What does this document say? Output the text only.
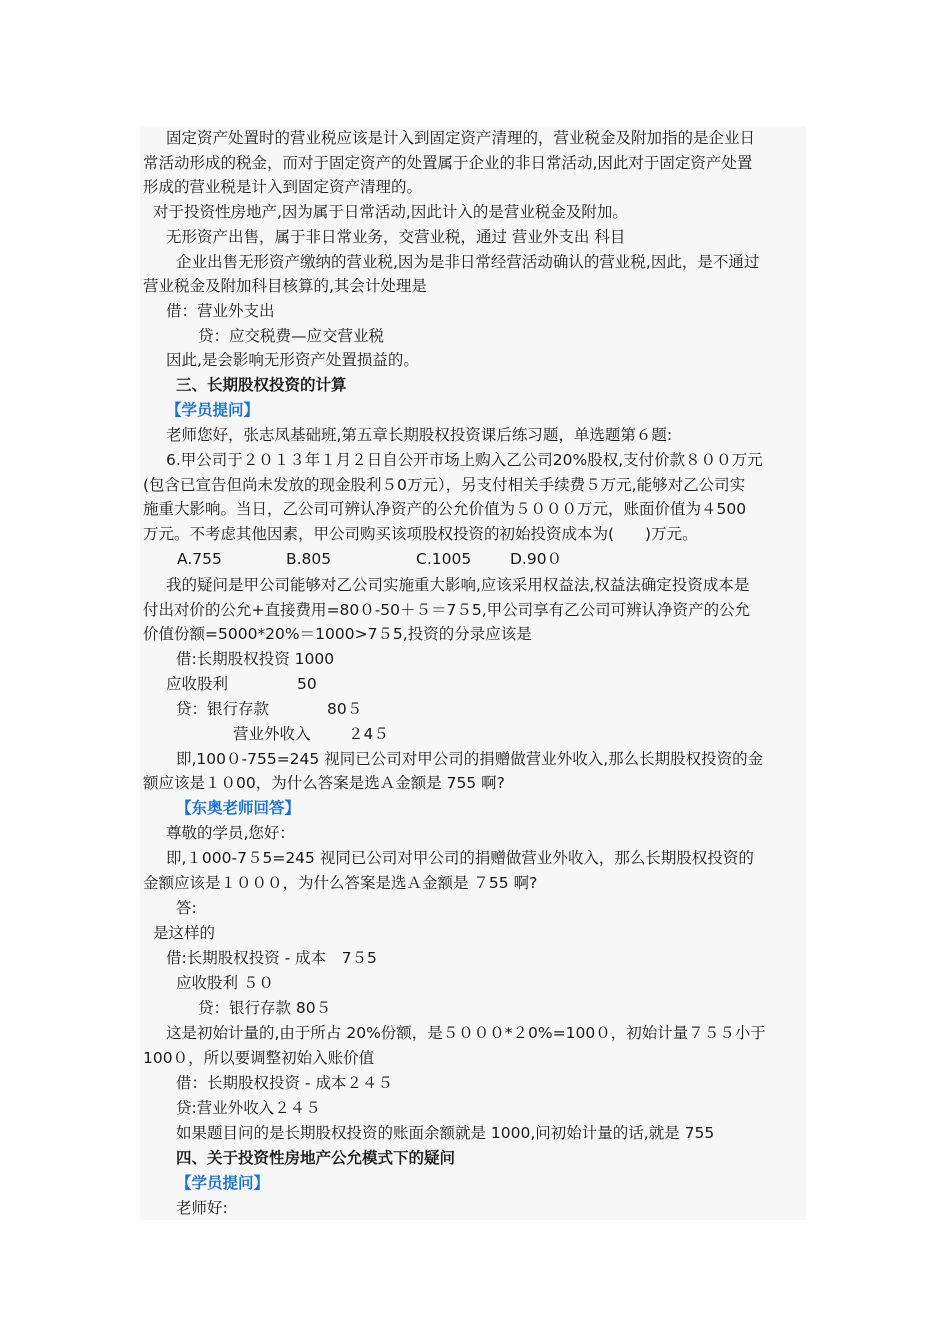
固定资产处置时的营业税应该是计入到固定资产清理的，营业税金及附加指的是企业日
常活动形成的税金，而对于固定资产的处置属于企业的非日常活动,因此对于固定资产处置
形成的营业税是计入到固定资产清理的。
对于投资性房地产,因为属于日常活动,因此计入的是营业税金及附加。
无形资产出售，属于非日常业务，交营业税，通过 营业外支出 科目
企业出售无形资产缴纳的营业税,因为是非日常经营活动确认的营业税,因此，是不通过
营业税金及附加科目核算的,其会计处理是
借：营业外支出
贷：应交税费—应交营业税
因此,是会影响无形资产处置损益的。
三、长期股权投资的计算
【学员提问】
老师您好，张志凤基础班,第五章长期股权投资课后练习题，单选题第６题:
6.甲公司于２０１３年１月２日自公开市场上购入乙公司20%股权,支付价款８００万元
(包含已宣告但尚未发放的现金股利５0万元），另支付相关手续费５万元,能够对乙公司实
施重大影响。当日，乙公司可辨认净资产的公允价值为５０００万元，账面价值为４500
万元。不考虑其他因素，甲公司购买该项股权投资的初始投资成本为(　　)万元。
A.755	B.805	C.1005	D.90０
我的疑问是甲公司能够对乙公司实施重大影响,应该采用权益法,权益法确定投资成本是
付出对价的公允+直接费用=80０-50＋５＝7５5,甲公司享有乙公司可辨认净资产的公允
价值份额=5000*20%＝1000>7５5,投资的分录应该是
借:长期股权投资 1000
应收股利	50
贷：银行存款	80５
营业外收入 ２4５
即,100０-755=245 视同已公司对甲公司的捐赠做营业外收入,那么长期股权投资的金
额应该是１０00，为什么答案是选Ａ金额是 755 啊?
【东奥老师回答】
尊敬的学员,您好：
即,１000-7５5=245 视同已公司对甲公司的捐赠做营业外收入，那么长期股权投资的
金额应该是１０００，为什么答案是选Ａ金额是 ７55 啊?
答:
是这样的
借:长期股权投资 - 成本　7５5
应收股利 ５０
贷：银行存款 80５
这是初始计量的,由于所占 20%份额，是５０００*２0%=100０，初始计量７５５小于
100０，所以要调整初始入账价值
借：长期股权投资 - 成本２４５
贷:营业外收入２４５
如果题目问的是长期股权投资的账面余额就是 1000,问初始计量的话,就是 755
四、关于投资性房地产公允模式下的疑问
【学员提问】
老师好:
